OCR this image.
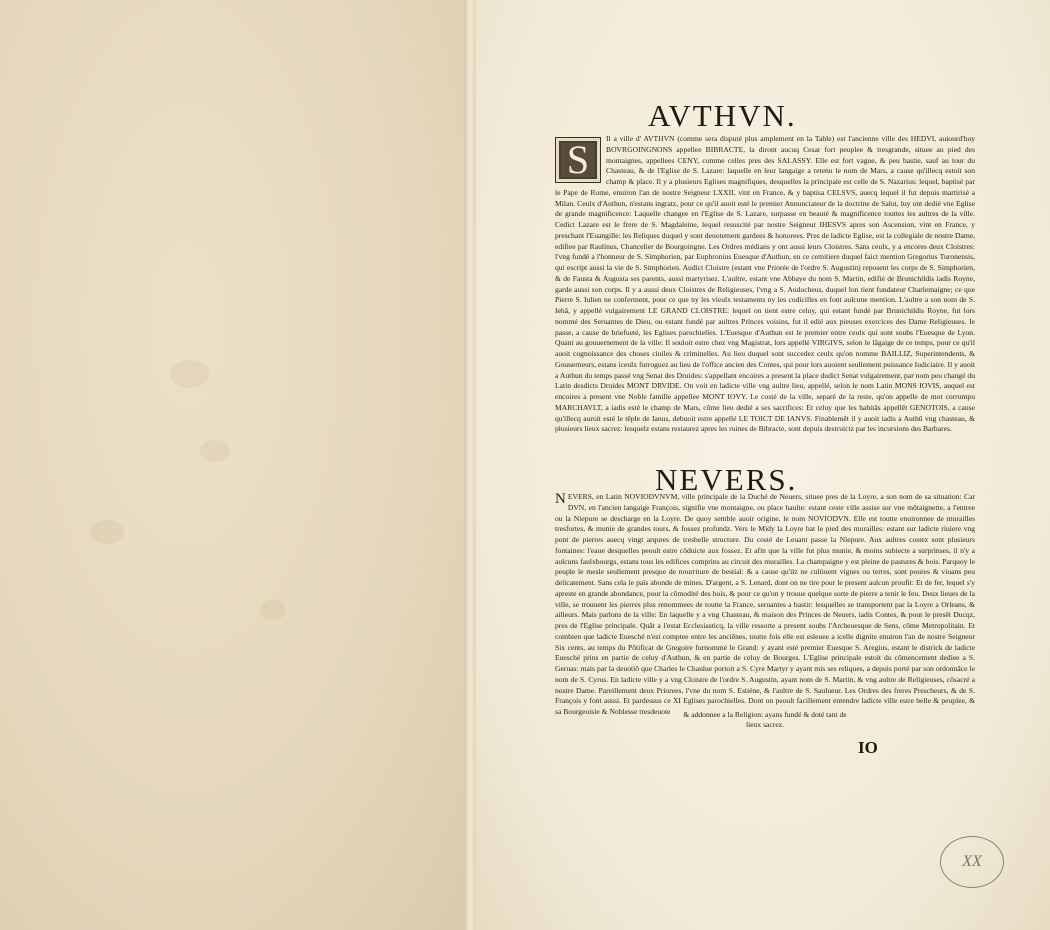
AVTHVN.
S	Il a ville d' AVTHVN (comme sera disputé plus amplement en la Table) est l'ancienne ville des HEDVI, auiourd'huy BOVRGOINGNONS appellee BIBRACTE, la diront aucuq Cesar fort peuplee & tresgrande, situee au pied des montaignes, appellees CENY, comme celles pres des SALASSY. Elle est fort vague, & peu bastie, sauf au tour du Chasteau, & de l'Eglise de S. Lazare: laquelle en leur langaige a retenu le nom de Mars, a cause qu'illecq estoit son champ & place. Il y a plusieurs Eglises magnifiques, desquelles la principale est celle de S. Nazarius: lequel, baptisé par le Pape de Rome, enuiron l'an de nostre Seigneur LXXII, vint en France, & y baptisa CELSVS, auecq lequel il fut depuis martirisé a Milan. Ceulx d'Authun, n'estans ingratz, pour ce qu'il auoit esté le premier Annunciateur de la doctrine de Salut, luy ont dedié vne Eglise de grande magnificence: Laquelle changee en l'Eglise de S. Lazare, surpasse en beauté & magnificence touttes les aultres de la ville. Cedict Lazare est le frere de S. Magdaleine, lequel resuscité par nostre Seigneur IHESVS apres son Ascension, vint en France, y preschant l'Euangille: les Reliques duquel y sont deuotement gardees & honorees. Pres de ladicte Eglise, est la collegiale de nostre Dame, edifiee par Raulinus, Chancelier de Bourgoingne. Les Ordres médians y ont aussi leurs Cloistres. Sans ceulx, y a encores deux Cloistres: l'vng fundé a l'honneur de S. Simphorien, par Euphronius Euesque d'Authun, en ce cemitiere duquel faict mention Gregorius Turonensis, qui escript aussi la vie de S. Simphorien. Audict Cloistre (estant vne Priorée de l'ordre S. Augustin) reposent les corps de S. Simphorien, & de Fausta & Augusta ses parents, aussi martyrisez. L'aultre, estant vne Abbaye du nom S. Martin, edifié de Brunichildis iadis Royne, garde aussi son corps. Il y a aussi deux Cloistres de Religieuses, l'vng a S. Audocheus, duquel lon tient fundateur Charlemaigne; ce que Pierre S. Iulien ne conferment, pour ce que ny les vieulx testaments ny les codicilles en font aulcune mention. L'aultre a son nom de S. Iehã, y appellé vulgairement LE GRAND CLOISTRE: lequel on tient estre celuy, qui estant fundé par Brunichildis Royne, fut lors nommé des Seruantes de Dieu, ou estant fundé par aultres Princes voisins, fut il edié aux pieuses exercices des Dame Religieuses. Ie passe, a cause de briefueté, les Eglises parochielles. L'Euesque d'Authun est le premier entre ceulx qui sont soubs l'Euesque de Lyon. Quant au gouuernement de la ville: Il souloit estre chez vng Magistrat, lors appellé VIRGIVS, selon le lãgaige de ce temps, pour ce qu'il auoit cognoissance des choses ciuiles & criminelles. Au lieu duquel sont succedez ceulx qu'on nomme BAILLIZ, Superintendents, & Gouuerneurs, estans iceulx furroguez au lieu de l'office ancien des Contes, qui pour lors auoient seullement puissance Iudiciaire. Il y auoit a Authun du temps passé vng Senat des Druides: s'appellant encoires a present la place dudict Senat vulgairement, par nom peu changé du Latin desdicts Druides MONT DRVIDE. On voit en ladicte ville vng aultre lieu, appellé, selon le nom Latin MONS IOVIS, auquel est encoires a present vne Noble famille appellee MONT IOVY. Le costé de la ville, separé de la reste, qu'on appelle de mot corrumpu MARCHAVLT, a iadis esté le champ de Mars, côme lieu dedié a ses sacrifices: Et celuy que les habitãs appellẽt GENOTOIS, a cause qu'illecq auroit esté le têple de Ianus, debuoit estre appellé LE TOICT DE IANVS. Finablemẽt il y auoit iadis a Authũ vng chasteau, & plusieurs lieux sacrez: lesquelz estans restaurez apres les ruines de Bibracte, sont depuis destruictz par les incursions des Barbares.
NEVERS.
N EVERS, en Latin NOVIODVNVM, ville principale de la Duché de Neuers, situee pres de la Loyre, a son nom de sa situation: Car DVN, en l'ancien langaige François, signifie vne montaigne, ou place haulte: estant ceste ville assise sur vne môtaignette, a l'entree ou la Niepure se descharge en la Loyre. De quoy semble auoir origine, le nom NOVIODVN. Elle est toutte enuironnee de murailles tresfortes, & munie de grandes tours, & fossez profundz. Vers le Midy la Loyre bat le pied des murailles: estant sur ladicte riuiere vng pont de pierres auecq vingt arqures de tresbelle structure. Du costé de Leuant passe la Niepure. Aux aultres costez sont plusieurs fontaines: l'eaue desquelles peoult estre côduicte aux fossez. Et afin que la ville fut plus munie, & moins subiecte a surprinses, il n'y a aulcuns faulxbourgs, estans tous les edifices comprins au circuit des murailles. La champaigne y est pleine de pastures & bois. Parquoy le peuple le mesle seullement presque de nourriture de bestial: & a cause qu'ilz ne cultiuent vignes ou terres, sont poures & viuans peu delicatement. Sans cela le païs abonde de mines. D'argent, a S. Lenard, dont on ne tire pour le present aulcun proufit: Et de fer, lequel s'y apreste en grande abondance, pour la cômodité des bois, & pour ce qu'on y trouue quelque sorte de pierre a tenir le feu. Deux lieues de la ville, se trouuent les pierres plus renommees de toutte la France, seruantes a bastir: lesquelles se transportent par la Loyre a Orleans, & ailleurs. Mais parlons de la ville: En laquelle y a vng Chasteau, & maison des Princes de Neuers, iadis Contes, & pour le presẽt Ducqz, pres de l'Eglise principale. Quât a l'estat Ecclesiasticq, la ville ressorte a present soubs l'Archeuesque de Sens, côme Metropolitain. Et combien que ladicte Euesché n'est comptee entre les anciẽnes, toutte fois elle est esleuee a icelle dignite enuiron l'an de nostre Seigneur Six cents, au temps du Pôtificat de Gregoire furnommé le Grand: y ayant esté premier Euesque S. Aregius, estant le districk de ladicte Euesché prins en partie de celuy d'Authun, & en partie de celuy de Bourges. L'Eglise principale estoit du cômencement dediee a S. Geruas: mais par la deuotiõ que Charles le Chaulue portoit a S. Cyre Martyr y ayant mis ses reliques, a depuis porté par son ordonnãce le nom de S. Cyrus. En ladicte ville y a vng Cloistre de l'ordre S. Augustin, ayant nom de S. Martin, & vng aultre de Religieuses, côsacré a nostre Dame. Pareillement deux Priorees, l'vne du nom S. Estiéne, & l'aultre de S. Saulueur. Les Ordres des freres Prescheurs, & de S. François y font aussi. Et pardessus ce XI Eglises parochielles. Dont on peoult facillement entendre ladicte ville estre belle & peuplee, & sa Bourgeoisie & Noblesse tresdeuote	& addonnee a la Religion: ayans fundé & doté tant de
lieux sacrez.
IO
XX
